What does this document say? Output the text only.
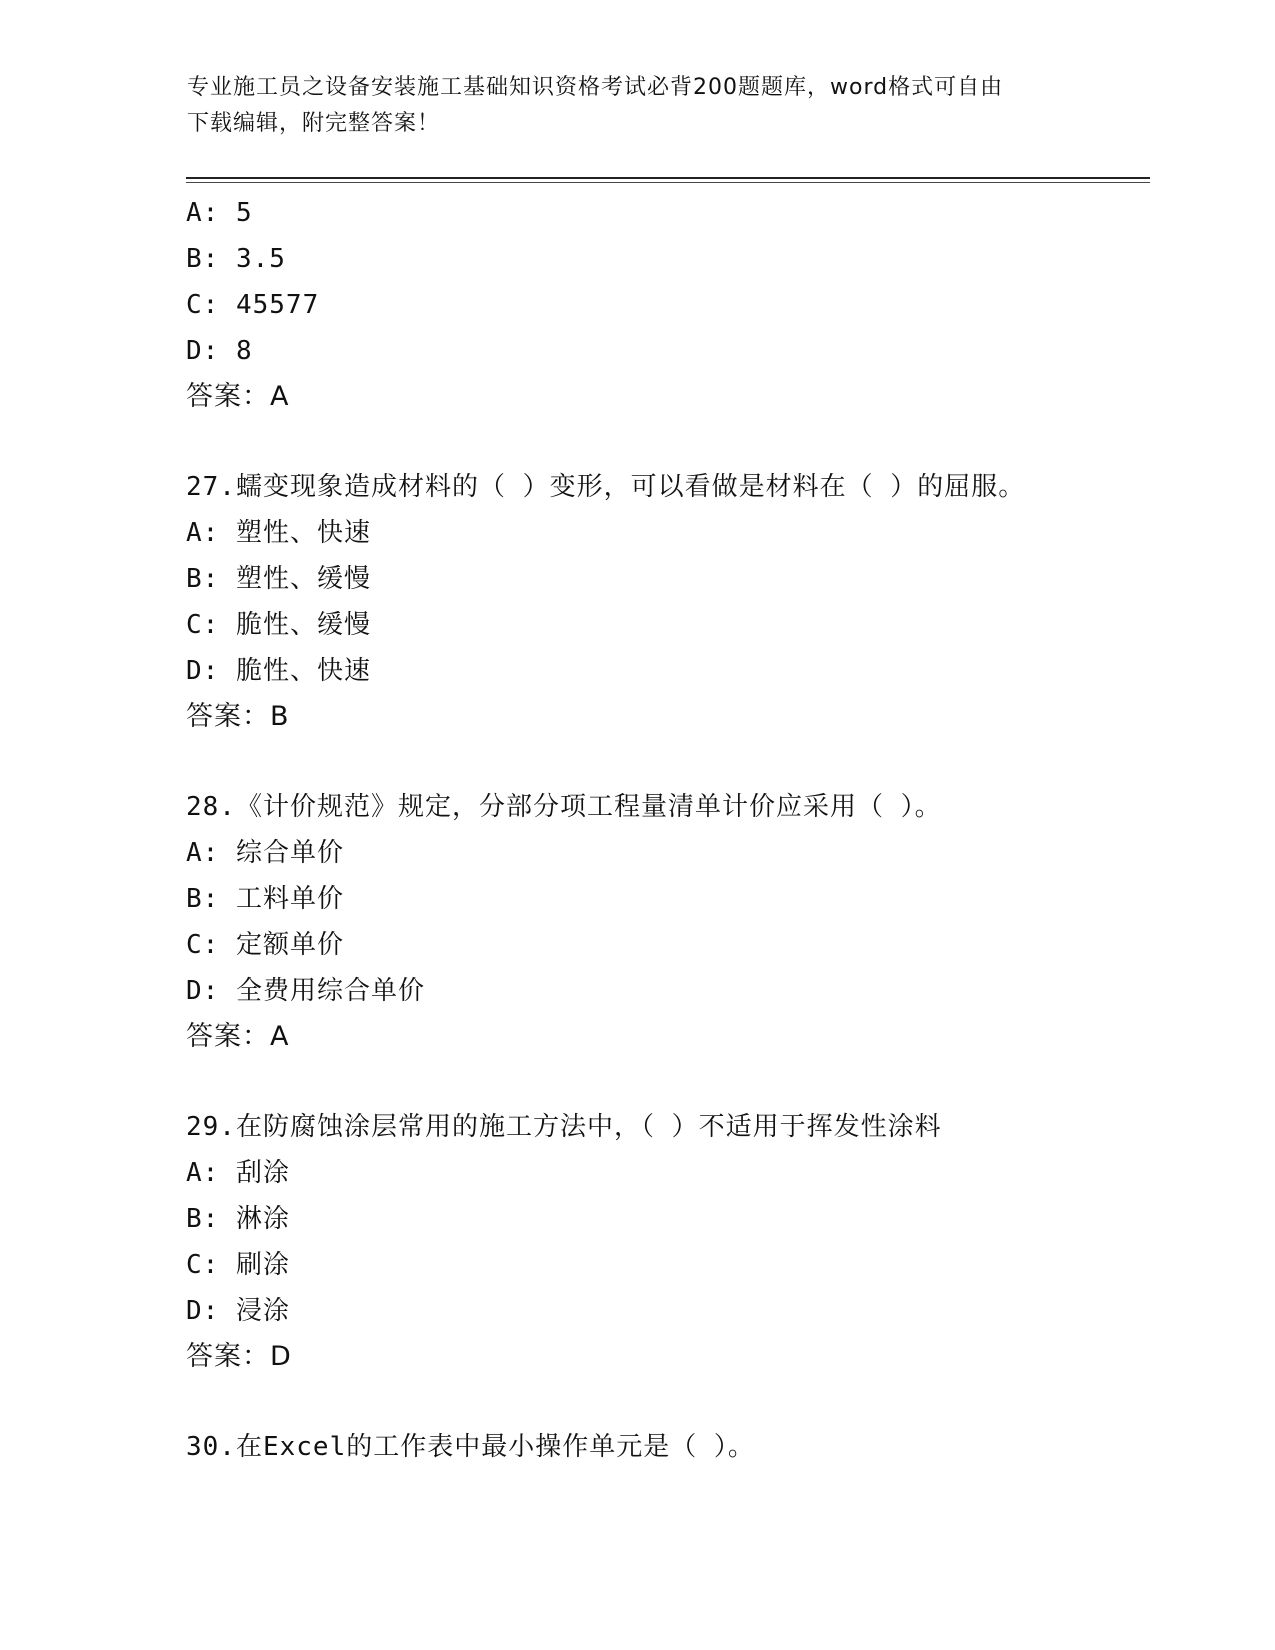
专业施工员之设备安装施工基础知识资格考试必背200题题库，word格式可自由
下载编辑，附完整答案！
A: 5
B: 3.5
C: 45577
D: 8
答案：A
27.蠕变现象造成材料的（ ）变形，可以看做是材料在（ ）的屈服。
A: 塑性、快速
B: 塑性、缓慢
C: 脆性、缓慢
D: 脆性、快速
答案：B
28.《计价规范》规定，分部分项工程量清单计价应采用（ ）。
A: 综合单价
B: 工料单价
C: 定额单价
D: 全费用综合单价
答案：A
29.在防腐蚀涂层常用的施工方法中，（ ）不适用于挥发性涂料
A: 刮涂
B: 淋涂
C: 刷涂
D: 浸涂
答案：D
30.在Excel的工作表中最小操作单元是（ ）。
